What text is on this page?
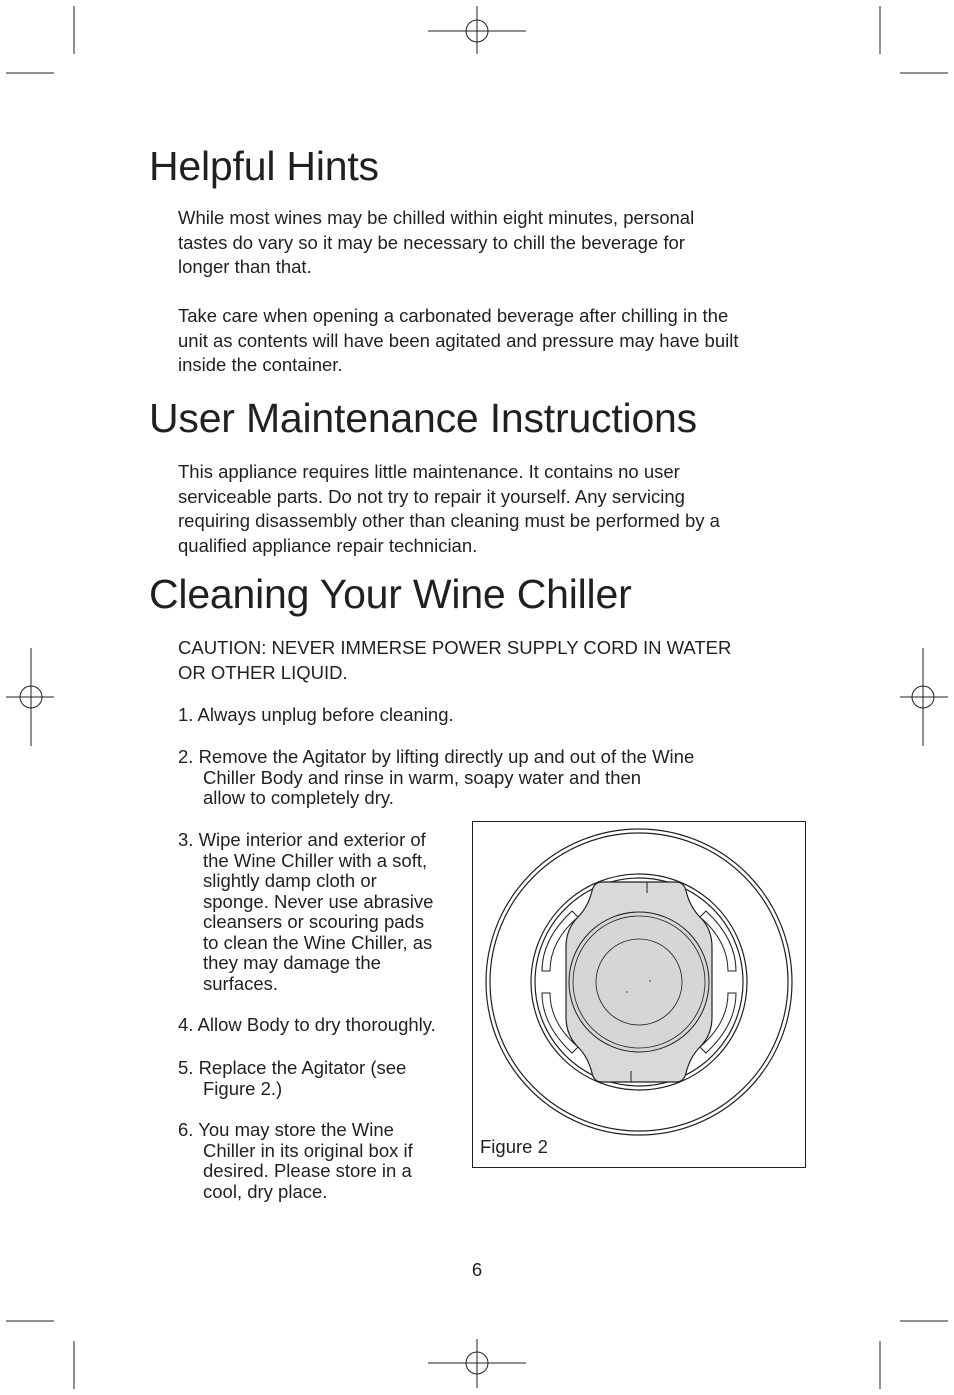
Helpful Hints
While most wines may be chilled within eight minutes, personal
tastes do vary so it may be necessary to chill the beverage for
longer than that.
Take care when opening a carbonated beverage after chilling in the
unit as contents will have been agitated and pressure may have built
inside the container.
User Maintenance Instructions
This appliance requires little maintenance. It contains no user
serviceable parts. Do not try to repair it yourself. Any servicing
requiring disassembly other than cleaning must be performed by a
qualified appliance repair technician.
Cleaning Your Wine Chiller
CAUTION: NEVER IMMERSE POWER SUPPLY CORD IN WATER
OR OTHER LIQUID.
1. Always unplug before cleaning.
2. Remove the Agitator by lifting directly up and out of the Wine
Chiller Body and rinse in warm, soapy water and then
allow to completely dry.
3. Wipe interior and exterior of
the Wine Chiller with a soft,
slightly damp cloth or
sponge. Never use abrasive
cleansers or scouring pads
to clean the Wine Chiller, as
they may damage the
surfaces.
4. Allow Body to dry thoroughly.
5. Replace the Agitator (see
Figure 2.)
6. You may store the Wine
Chiller in its original box if
desired. Please store in a
cool, dry place.
Figure 2
6
